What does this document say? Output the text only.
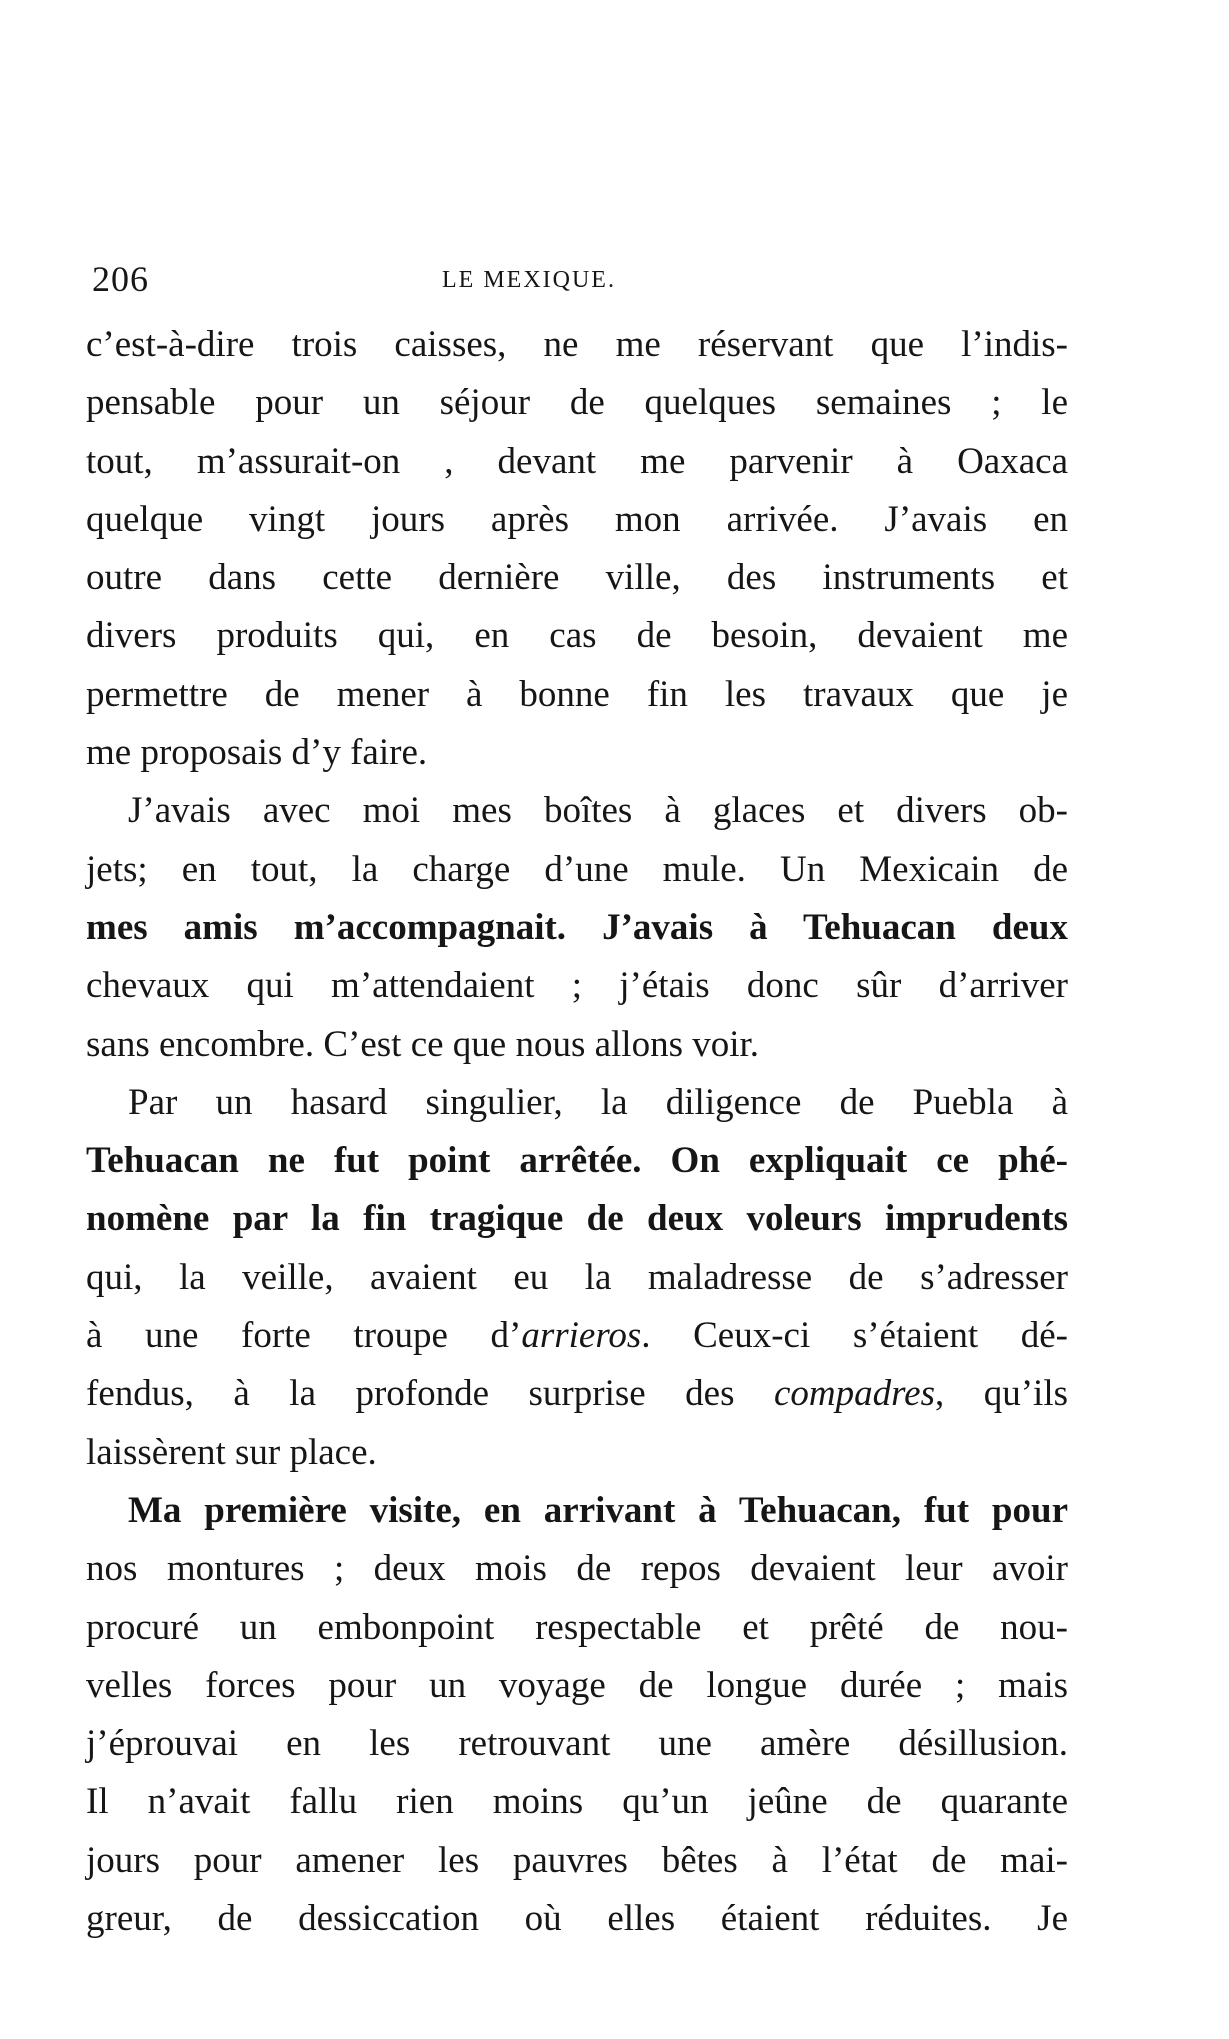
206	LE MEXIQUE.
c’est-à-dire trois caisses, ne me réservant que l’indis-
pensable pour un séjour de quelques semaines ; le
tout, m’assurait-on , devant me parvenir à Oaxaca
quelque vingt jours après mon arrivée. J’avais en
outre dans cette dernière ville, des instruments et
divers produits qui, en cas de besoin, devaient me
permettre de mener à bonne fin les travaux que je
me proposais d’y faire.
J’avais avec moi mes boîtes à glaces et divers ob-
jets; en tout, la charge d’une mule. Un Mexicain de
mes amis m’accompagnait. J’avais à Tehuacan deux
chevaux qui m’attendaient ; j’étais donc sûr d’arriver
sans encombre. C’est ce que nous allons voir.
Par un hasard singulier, la diligence de Puebla à
Tehuacan ne fut point arrêtée. On expliquait ce phé-
nomène par la fin tragique de deux voleurs imprudents
qui, la veille, avaient eu la maladresse de s’adresser
à une forte troupe d’arrieros. Ceux-ci s’étaient dé-
fendus, à la profonde surprise des compadres, qu’ils
laissèrent sur place.
Ma première visite, en arrivant à Tehuacan, fut pour
nos montures ; deux mois de repos devaient leur avoir
procuré un embonpoint respectable et prêté de nou-
velles forces pour un voyage de longue durée ; mais
j’éprouvai en les retrouvant une amère désillusion.
Il n’avait fallu rien moins qu’un jeûne de quarante
jours pour amener les pauvres bêtes à l’état de mai-
greur, de dessiccation où elles étaient réduites. Je
